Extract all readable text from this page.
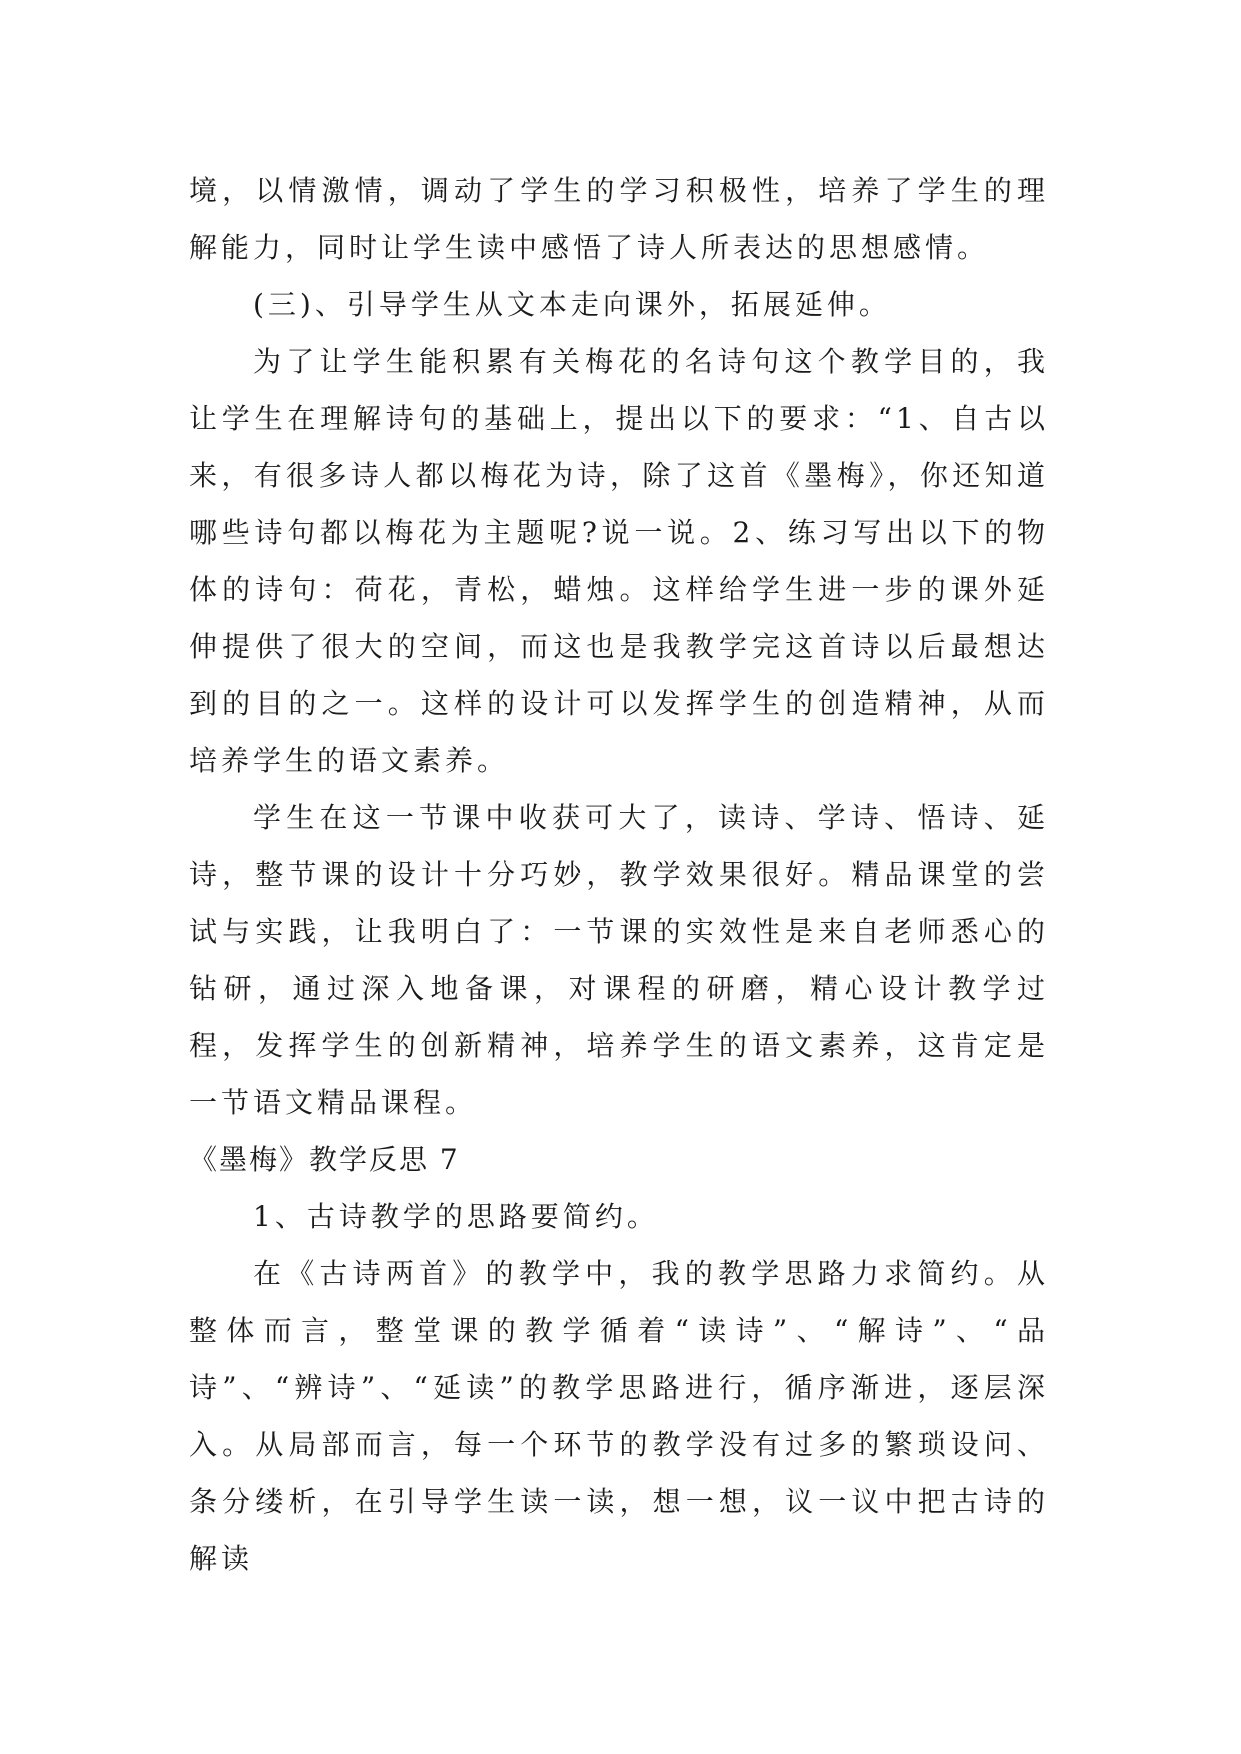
境，以情激情，调动了学生的学习积极性，培养了学生的理解能力，同时让学生读中感悟了诗人所表达的思想感情。

(三)、引导学生从文本走向课外，拓展延伸。

为了让学生能积累有关梅花的名诗句这个教学目的，我让学生在理解诗句的基础上，提出以下的要求：“1、自古以来，有很多诗人都以梅花为诗，除了这首《墨梅》，你还知道哪些诗句都以梅花为主题呢?说一说。2、练习写出以下的物体的诗句：荷花，青松，蜡烛。这样给学生进一步的课外延伸提供了很大的空间，而这也是我教学完这首诗以后最想达到的目的之一。这样的设计可以发挥学生的创造精神，从而培养学生的语文素养。

学生在这一节课中收获可大了，读诗、学诗、悟诗、延诗，整节课的设计十分巧妙，教学效果很好。精品课堂的尝试与实践，让我明白了：一节课的实效性是来自老师悉心的钻研，通过深入地备课，对课程的研磨，精心设计教学过程，发挥学生的创新精神，培养学生的语文素养，这肯定是一节语文精品课程。

《墨梅》教学反思 7

1、古诗教学的思路要简约。

在《古诗两首》的教学中，我的教学思路力求简约。从整体而言，整堂课的教学循着“读诗”、“解诗”、“品诗”、“辨诗”、“延读”的教学思路进行，循序渐进，逐层深入。从局部而言，每一个环节的教学没有过多的繁琐设问、条分缕析，在引导学生读一读，想一想，议一议中把古诗的解读
